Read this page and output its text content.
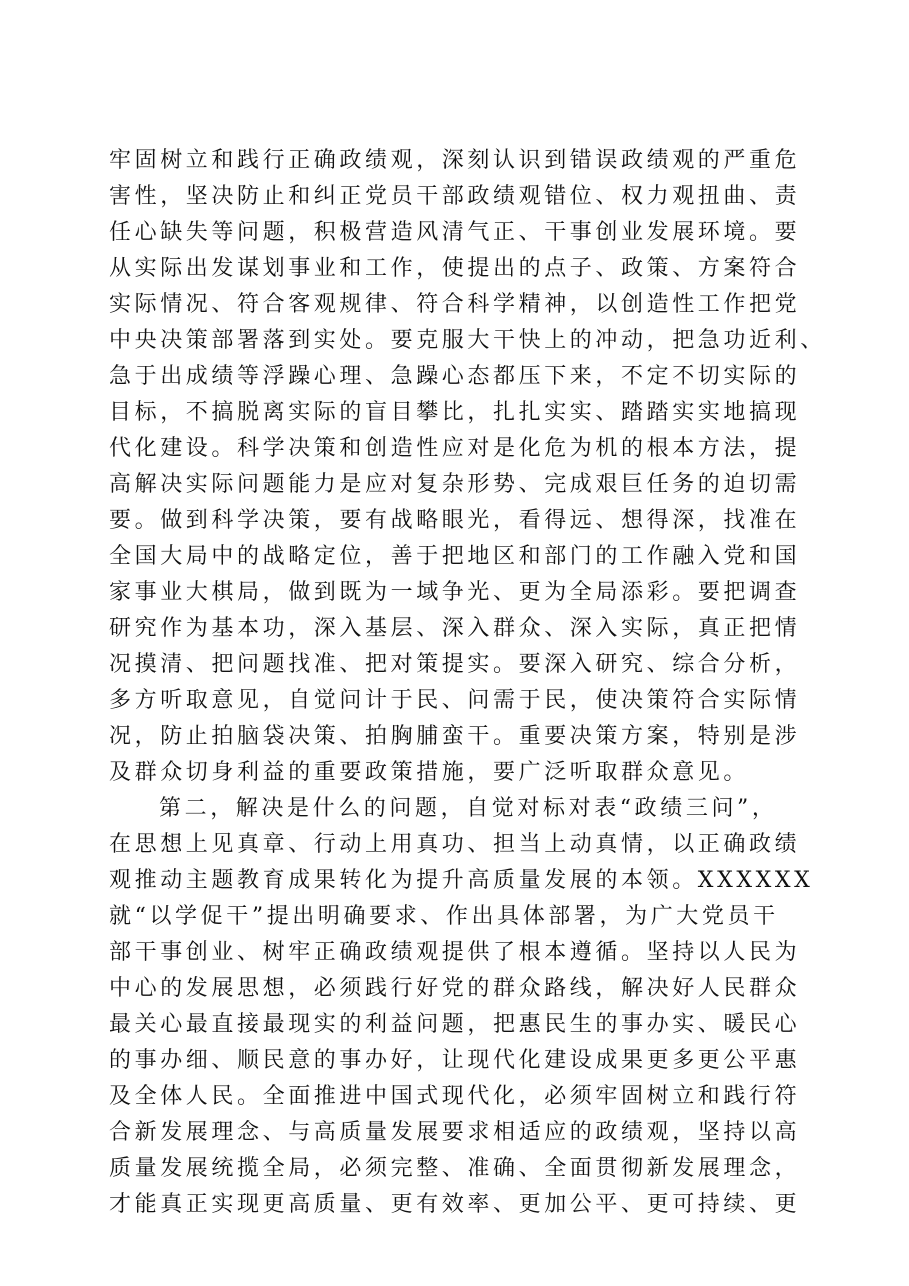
牢固树立和践行正确政绩观，深刻认识到错误政绩观的严重危
害性，坚决防止和纠正党员干部政绩观错位、权力观扭曲、责
任心缺失等问题，积极营造风清气正、干事创业发展环境。要
从实际出发谋划事业和工作，使提出的点子、政策、方案符合
实际情况、符合客观规律、符合科学精神，以创造性工作把党
中央决策部署落到实处。要克服大干快上的冲动，把急功近利、
急于出成绩等浮躁心理、急躁心态都压下来，不定不切实际的
目标，不搞脱离实际的盲目攀比，扎扎实实、踏踏实实地搞现
代化建设。科学决策和创造性应对是化危为机的根本方法，提
高解决实际问题能力是应对复杂形势、完成艰巨任务的迫切需
要。做到科学决策，要有战略眼光，看得远、想得深，找准在
全国大局中的战略定位，善于把地区和部门的工作融入党和国
家事业大棋局，做到既为一域争光、更为全局添彩。要把调查
研究作为基本功，深入基层、深入群众、深入实际，真正把情
况摸清、把问题找准、把对策提实。要深入研究、综合分析，
多方听取意见，自觉问计于民、问需于民，使决策符合实际情
况，防止拍脑袋决策、拍胸脯蛮干。重要决策方案，特别是涉
及群众切身利益的重要政策措施，要广泛听取群众意见。
第二，解决是什么的问题，自觉对标对表“政绩三问”，
在思想上见真章、行动上用真功、担当上动真情，以正确政绩
观推动主题教育成果转化为提升高质量发展的本领。XXXXXX
就“以学促干”提出明确要求、作出具体部署，为广大党员干
部干事创业、树牢正确政绩观提供了根本遵循。坚持以人民为
中心的发展思想，必须践行好党的群众路线，解决好人民群众
最关心最直接最现实的利益问题，把惠民生的事办实、暖民心
的事办细、顺民意的事办好，让现代化建设成果更多更公平惠
及全体人民。全面推进中国式现代化，必须牢固树立和践行符
合新发展理念、与高质量发展要求相适应的政绩观，坚持以高
质量发展统揽全局，必须完整、准确、全面贯彻新发展理念，
才能真正实现更高质量、更有效率、更加公平、更可持续、更
